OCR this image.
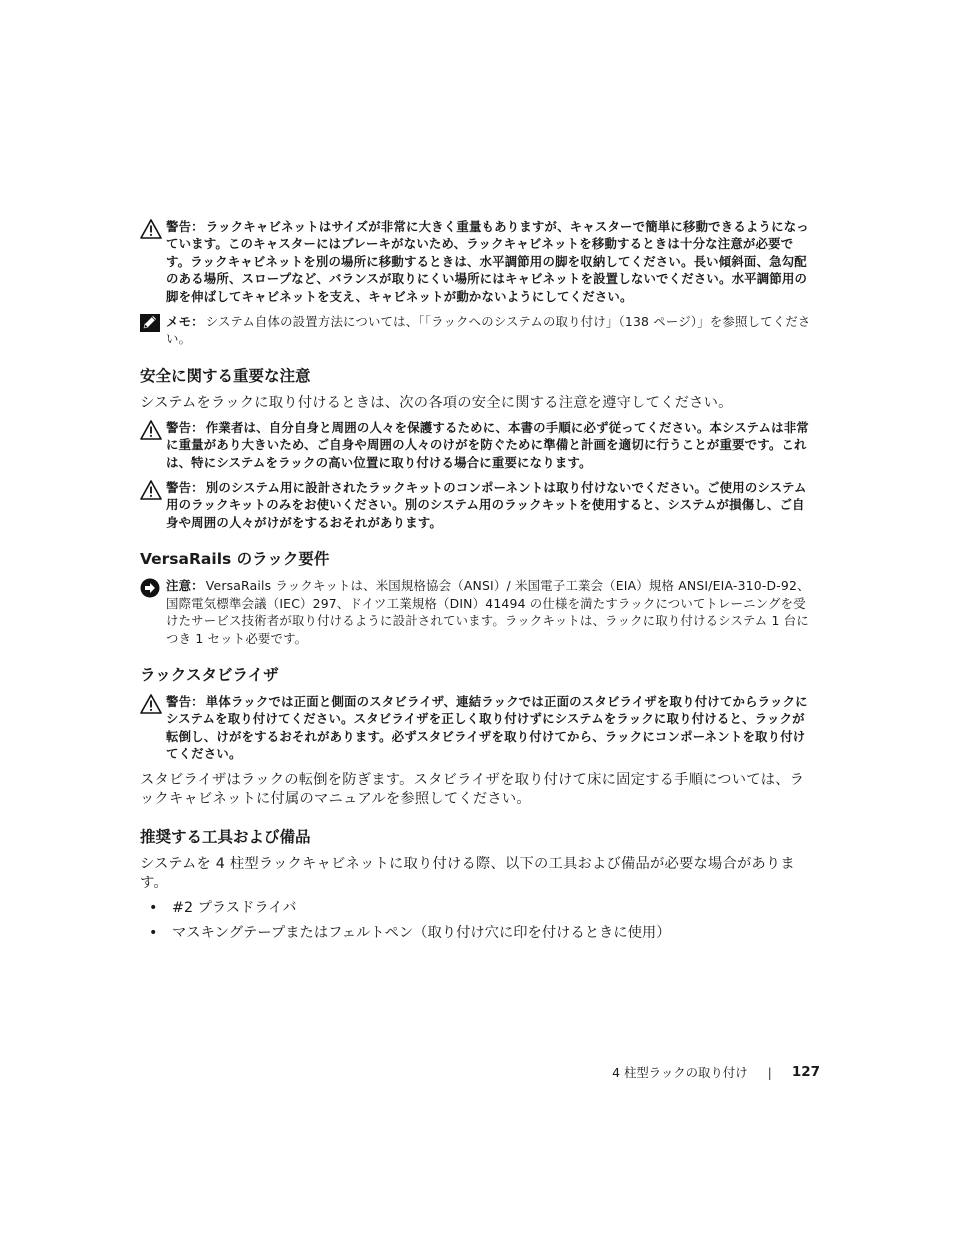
警告： ラックキャビネットはサイズが非常に大きく重量もありますが、キャスターで簡単に移動できるようになっています。このキャスターにはブレーキがないため、ラックキャビネットを移動するときは十分な注意が必要です。ラックキャビネットを別の場所に移動するときは、水平調節用の脚を収納してください。長い傾斜面、急勾配のある場所、スロープなど、バランスが取りにくい場所にはキャビネットを設置しないでください。水平調節用の脚を伸ばしてキャビネットを支え、キャビネットが動かないようにしてください。
メモ： システム自体の設置方法については、「「ラックへのシステムの取り付け」（138 ページ）」を参照してください。
安全に関する重要な注意

システムをラックに取り付けるときは、次の各項の安全に関する注意を遵守してください。

警告： 作業者は、自分自身と周囲の人々を保護するために、本書の手順に必ず従ってください。本システムは非常に重量があり大きいため、ご自身や周囲の人々のけがを防ぐために準備と計画を適切に行うことが重要です。これは、特にシステムをラックの高い位置に取り付ける場合に重要になります。
警告： 別のシステム用に設計されたラックキットのコンポーネントは取り付けないでください。ご使用のシステム用のラックキットのみをお使いください。別のシステム用のラックキットを使用すると、システムが損傷し、ご自身や周囲の人々がけがをするおそれがあります。
VersaRails のラック要件
注意： VersaRails ラックキットは、米国規格協会（ANSI）/ 米国電子工業会（EIA）規格 ANSI/EIA-310-D-92、国際電気標準会議（IEC）297、ドイツ工業規格（DIN）41494 の仕様を満たすラックについてトレーニングを受けたサービス技術者が取り付けるように設計されています。ラックキットは、ラックに取り付けるシステム 1 台につき 1 セット必要です。
ラックスタビライザ
警告： 単体ラックでは正面と側面のスタビライザ、連結ラックでは正面のスタビライザを取り付けてからラックにシステムを取り付けてください。スタビライザを正しく取り付けずにシステムをラックに取り付けると、ラックが転倒し、けがをするおそれがあります。必ずスタビライザを取り付けてから、ラックにコンポーネントを取り付けてください。

スタビライザはラックの転倒を防ぎます。スタビライザを取り付けて床に固定する手順については、ラックキャビネットに付属のマニュアルを参照してください。

推奨する工具および備品

システムを 4 柱型ラックキャビネットに取り付ける際、以下の工具および備品が必要な場合があります。

•	#2 プラスドライバ
•	マスキングテープまたはフェルトペン（取り付け穴に印を付けるときに使用）
4 柱型ラックの取り付け | 127
